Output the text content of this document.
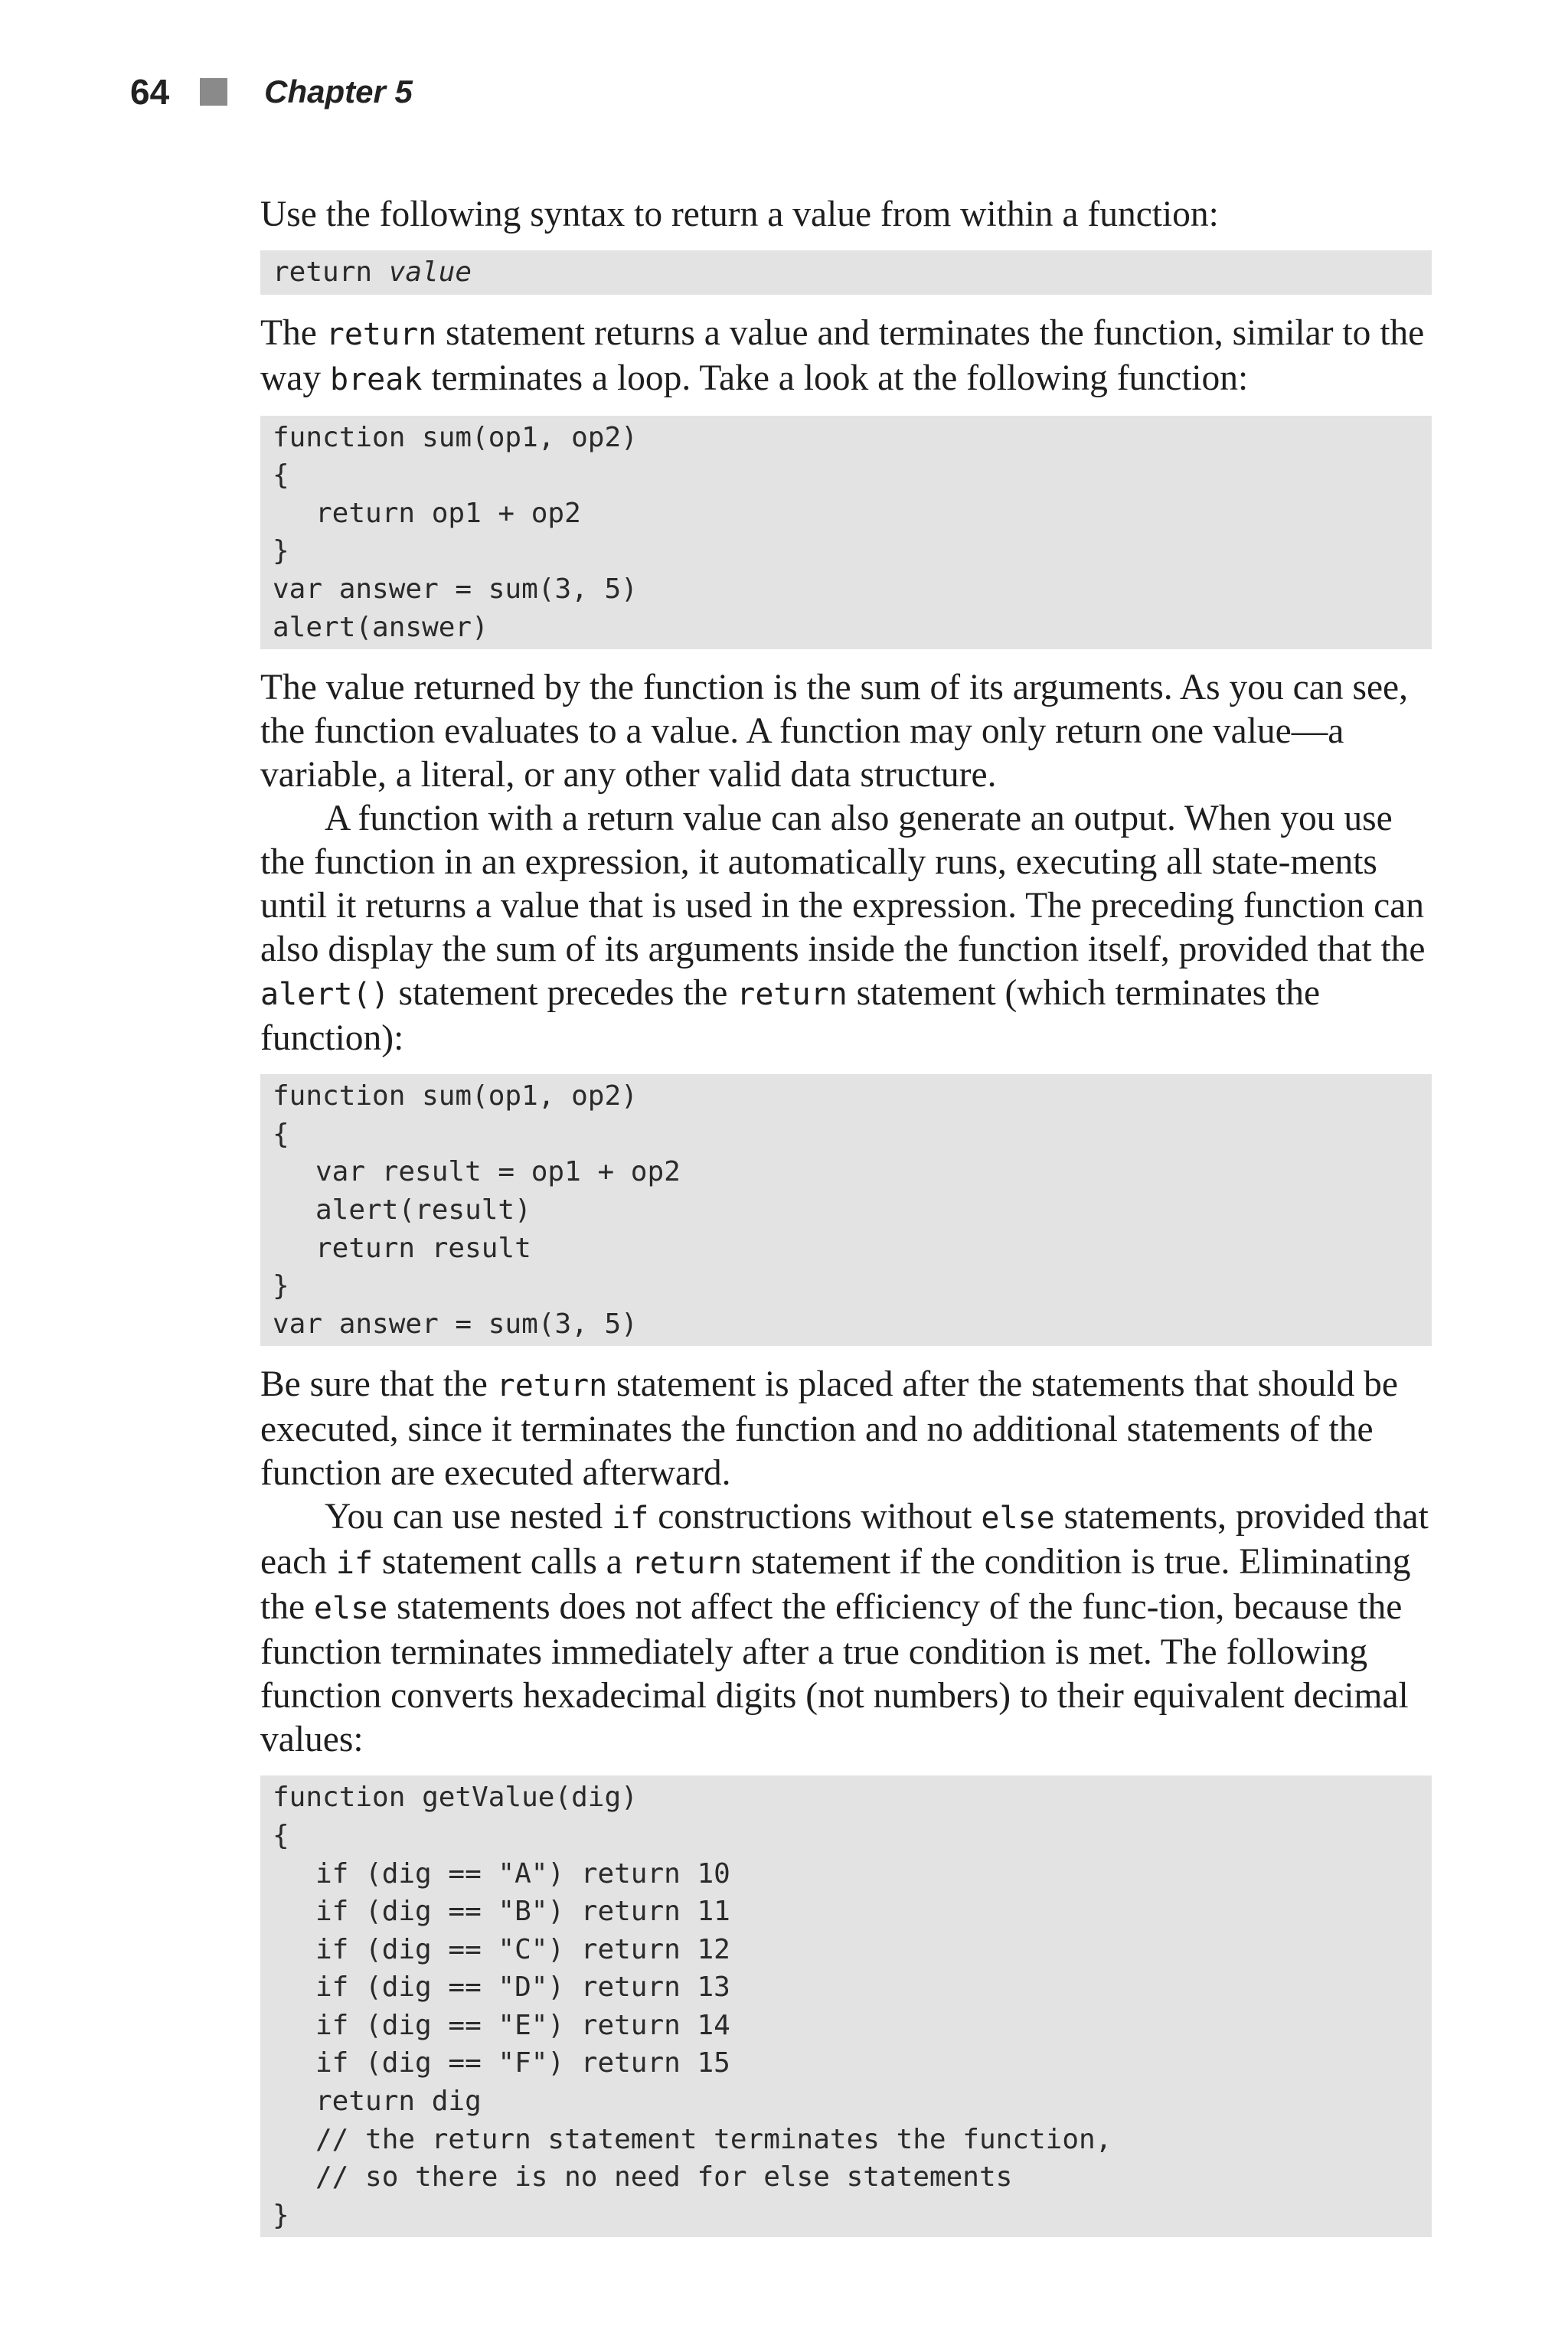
64	Chapter 5

Use the following syntax to return a value from within a function:

return value

The return statement returns a value and terminates the function, similar to the way break terminates a loop. Take a look at the following function:

function sum(op1, op2)
{
return op1 + op2
}
var answer = sum(3, 5)
alert(answer)

The value returned by the function is the sum of its arguments. As you can see, the function evaluates to a value. A function may only return one value—a variable, a literal, or any other valid data structure.

A function with a return value can also generate an output. When you use the function in an expression, it automatically runs, executing all state-ments until it returns a value that is used in the expression. The preceding function can also display the sum of its arguments inside the function itself, provided that the alert() statement precedes the return statement (which terminates the function):

function sum(op1, op2)
{
var result = op1 + op2
alert(result)
return result
}
var answer = sum(3, 5)

Be sure that the return statement is placed after the statements that should be executed, since it terminates the function and no additional statements of the function are executed afterward.

You can use nested if constructions without else statements, provided that each if statement calls a return statement if the condition is true. Eliminating the else statements does not affect the efficiency of the func-tion, because the function terminates immediately after a true condition is met. The following function converts hexadecimal digits (not numbers) to their equivalent decimal values:

function getValue(dig)
{
if (dig == "A") return 10
if (dig == "B") return 11
if (dig == "C") return 12
if (dig == "D") return 13
if (dig == "E") return 14
if (dig == "F") return 15
return dig
// the return statement terminates the function,
// so there is no need for else statements
}
